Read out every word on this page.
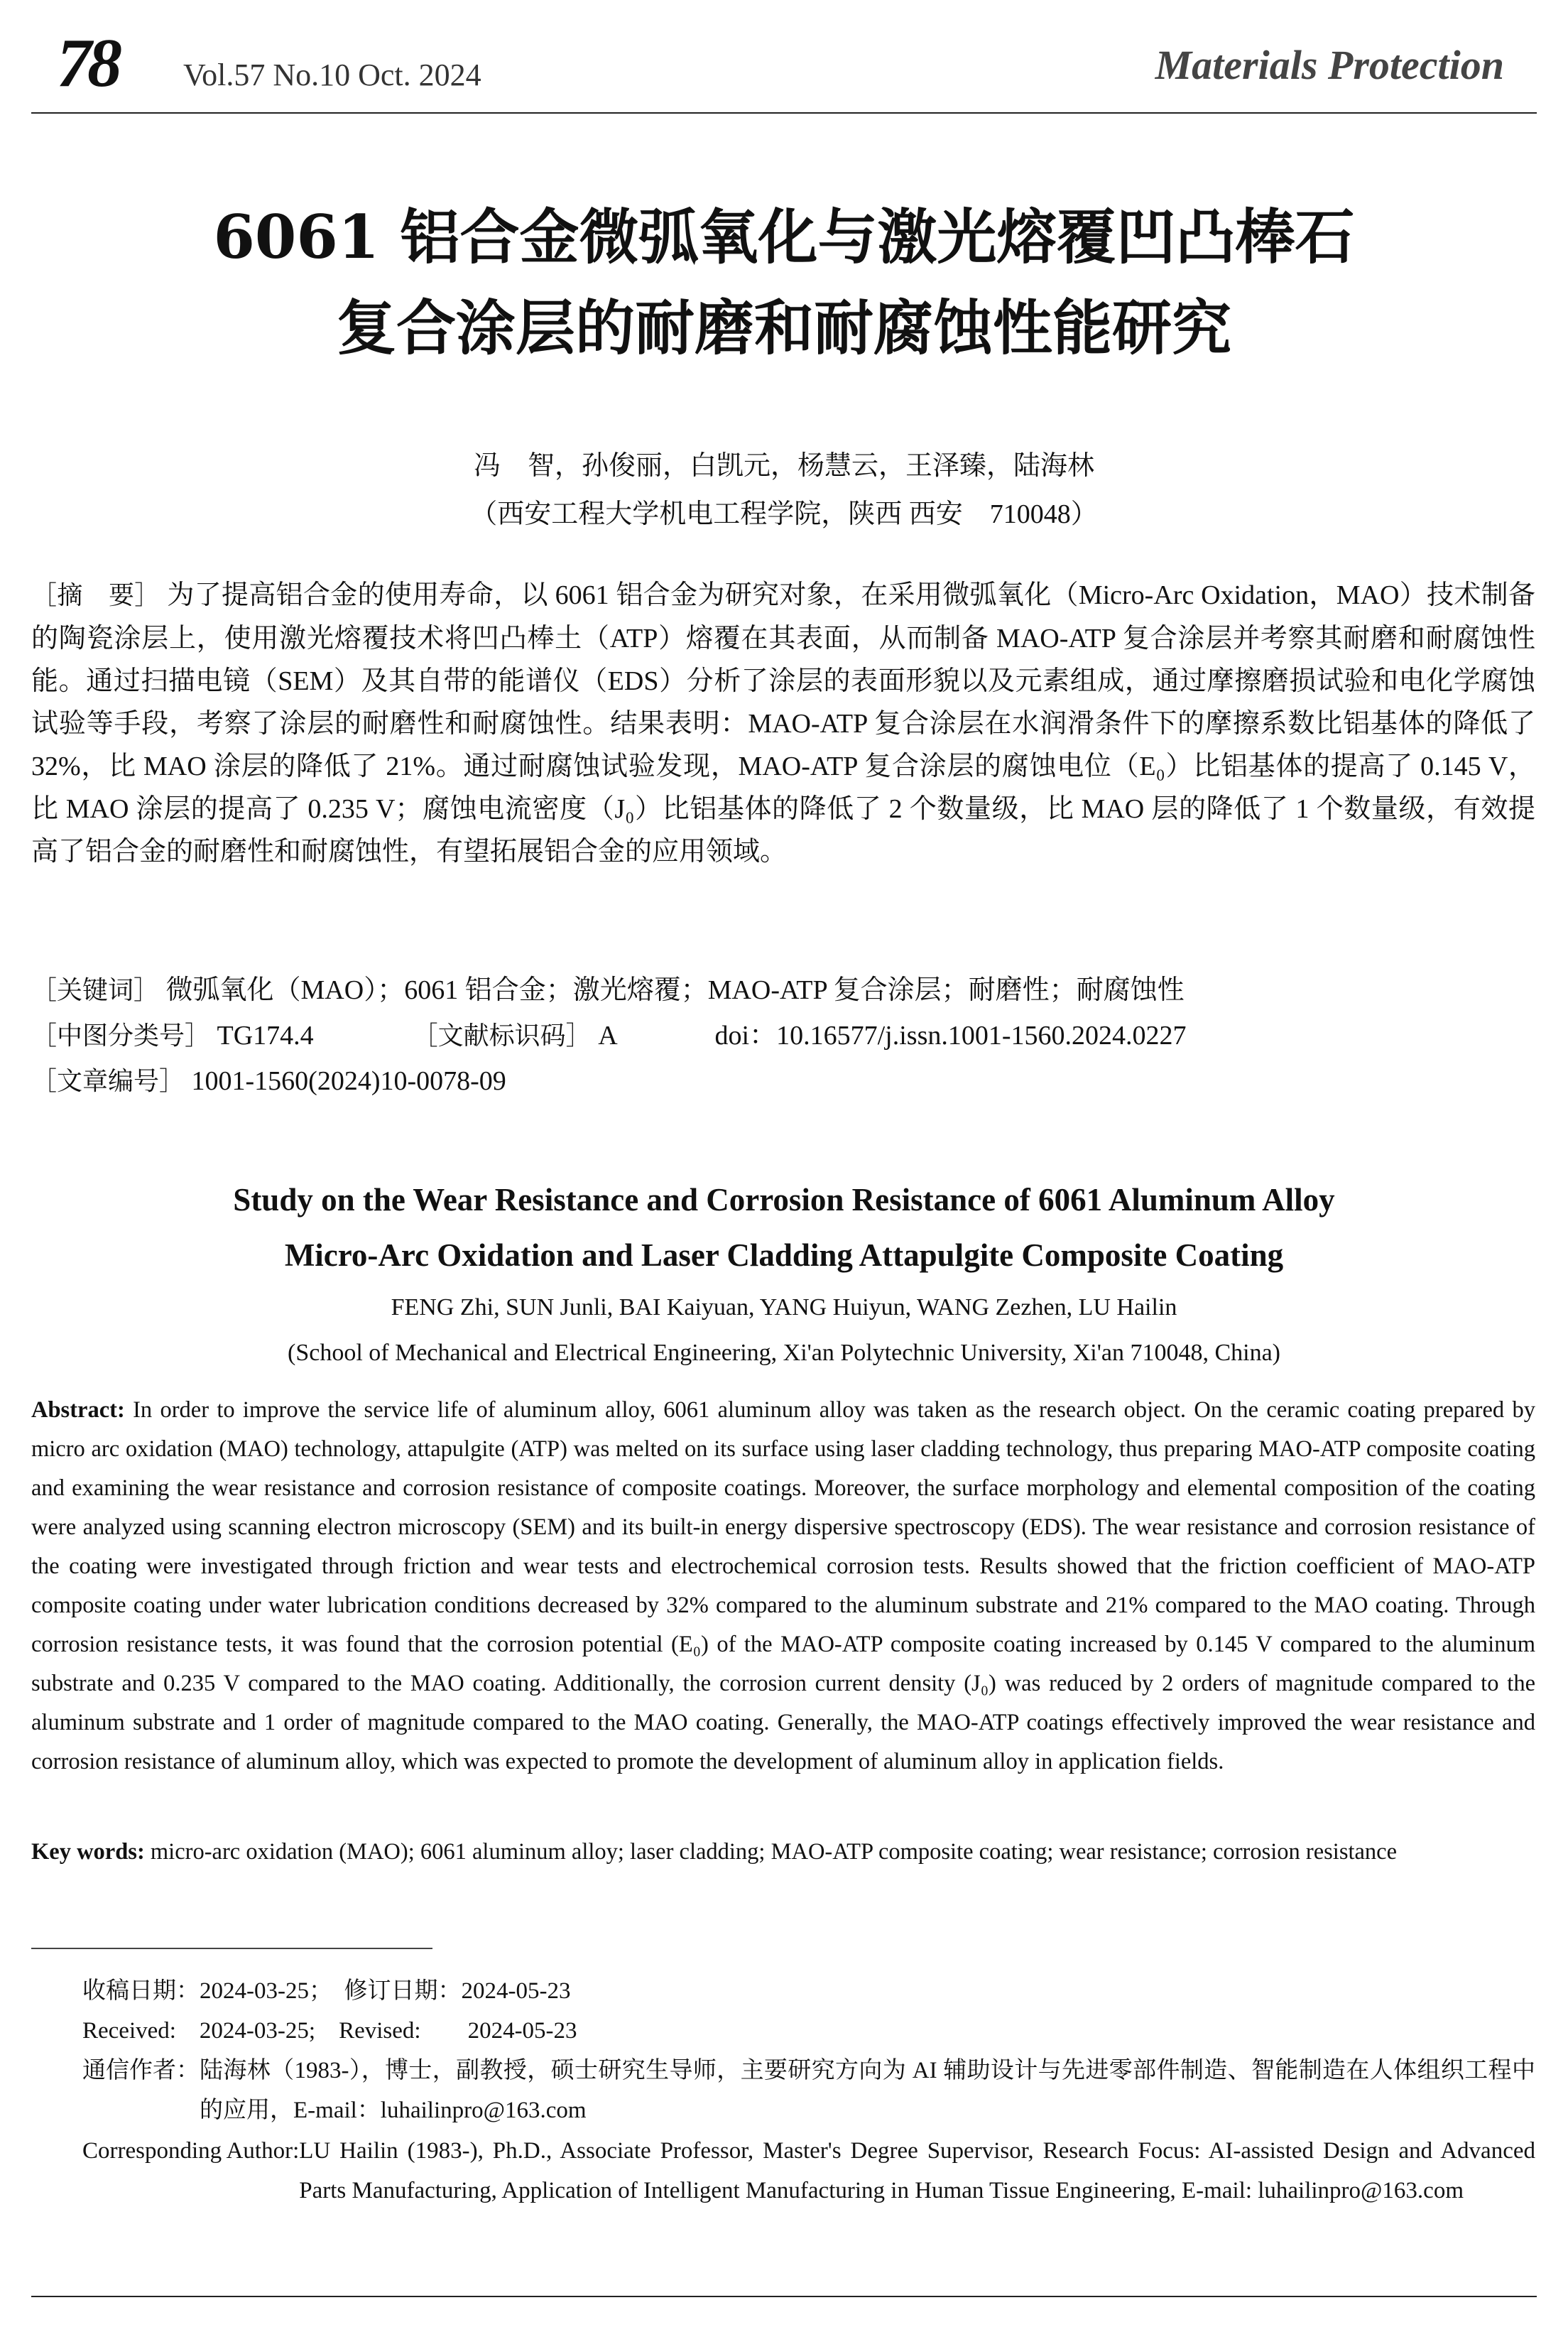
78 Vol.57 No.10 Oct. 2024	Materials Protection
6061 铝合金微弧氧化与激光熔覆凹凸棒石
复合涂层的耐磨和耐腐蚀性能研究
冯　智，孙俊丽，白凯元，杨慧云，王泽臻，陆海林
（西安工程大学机电工程学院，陕西 西安　710048）
［摘　要］ 为了提高铝合金的使用寿命，以 6061 铝合金为研究对象，在采用微弧氧化（Micro-Arc Oxidation，MAO）技术制备的陶瓷涂层上，使用激光熔覆技术将凹凸棒土（ATP）熔覆在其表面，从而制备 MAO-ATP 复合涂层并考察其耐磨和耐腐蚀性能。通过扫描电镜（SEM）及其自带的能谱仪（EDS）分析了涂层的表面形貌以及元素组成，通过摩擦磨损试验和电化学腐蚀试验等手段，考察了涂层的耐磨性和耐腐蚀性。结果表明：MAO-ATP 复合涂层在水润滑条件下的摩擦系数比铝基体的降低了 32%，比 MAO 涂层的降低了 21%。通过耐腐蚀试验发现，MAO-ATP 复合涂层的腐蚀电位（E₀）比铝基体的提高了 0.145 V，比 MAO 涂层的提高了 0.235 V；腐蚀电流密度（J₀）比铝基体的降低了 2 个数量级，比 MAO 层的降低了 1 个数量级，有效提高了铝合金的耐磨性和耐腐蚀性，有望拓展铝合金的应用领域。
［关键词］ 微弧氧化（MAO）；6061 铝合金；激光熔覆；MAO-ATP 复合涂层；耐磨性；耐腐蚀性
［中图分类号］ TG174.4	［文献标识码］ A	doi：10.16577/j.issn.1001-1560.2024.0227
［文章编号］ 1001-1560(2024)10-0078-09
Study on the Wear Resistance and Corrosion Resistance of 6061 Aluminum Alloy
Micro-Arc Oxidation and Laser Cladding Attapulgite Composite Coating
FENG Zhi, SUN Junli, BAI Kaiyuan, YANG Huiyun, WANG Zezhen, LU Hailin
(School of Mechanical and Electrical Engineering, Xi'an Polytechnic University, Xi'an 710048, China)
Abstract: In order to improve the service life of aluminum alloy, 6061 aluminum alloy was taken as the research object. On the ceramic coating prepared by micro arc oxidation (MAO) technology, attapulgite (ATP) was melted on its surface using laser cladding technology, thus preparing MAO-ATP composite coating and examining the wear resistance and corrosion resistance of composite coatings. Moreover, the surface morphology and elemental composition of the coating were analyzed using scanning electron microscopy (SEM) and its built-in energy dispersive spectroscopy (EDS). The wear resistance and corrosion resistance of the coating were investigated through friction and wear tests and electrochemical corrosion tests. Results showed that the friction coefficient of MAO-ATP composite coating under water lubrication conditions decreased by 32% compared to the aluminum substrate and 21% compared to the MAO coating. Through corrosion resistance tests, it was found that the corrosion potential (E₀) of the MAO-ATP composite coating increased by 0.145 V compared to the aluminum substrate and 0.235 V compared to the MAO coating. Additionally, the corrosion current density (J₀) was reduced by 2 orders of magnitude compared to the aluminum substrate and 1 order of magnitude compared to the MAO coating. Generally, the MAO-ATP coatings effectively improved the wear resistance and corrosion resistance of aluminum alloy, which was expected to promote the development of aluminum alloy in application fields.
Key words: micro-arc oxidation (MAO); 6061 aluminum alloy; laser cladding; MAO-ATP composite coating; wear resistance; corrosion resistance
收稿日期：2024-03-25；　修订日期：2024-05-23
Received:　2024-03-25;　Revised:　　2024-05-23
通信作者： 陆海林（1983-），博士，副教授，硕士研究生导师，主要研究方向为 AI 辅助设计与先进零部件制造、智能制造在人体组织工程中的应用，E-mail：luhailinpro@163.com
Corresponding Author: LU Hailin (1983-), Ph.D., Associate Professor, Master's Degree Supervisor, Research Focus: AI-assisted Design and Advanced Parts Manufacturing, Application of Intelligent Manufacturing in Human Tissue Engineering, E-mail: luhailinpro@163.com
